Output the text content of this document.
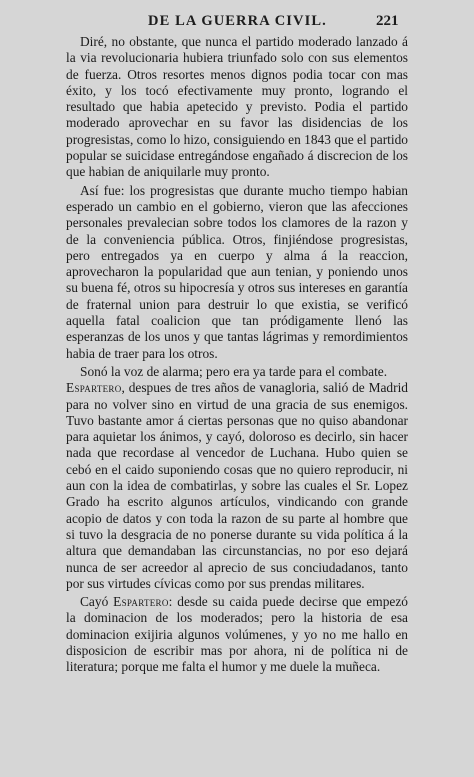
DE LA GUERRA CIVIL.	221

Diré, no obstante, que nunca el partido moderado lanzado á la via revolucionaria hubiera triunfado solo con sus elementos de fuerza. Otros resortes menos dignos podia tocar con mas éxito, y los tocó efectivamente muy pronto, logrando el resultado que habia apetecido y previsto. Podia el partido moderado aprovechar en su favor las disidencias de los progresistas, como lo hizo, consiguiendo en 1843 que el partido popular se suicidase entregándose engañado á discrecion de los que habian de aniquilarle muy pronto.

Así fue: los progresistas que durante mucho tiempo habian esperado un cambio en el gobierno, vieron que las afecciones personales prevalecian sobre todos los clamores de la razon y de la conveniencia pública. Otros, finjiéndose progresistas, pero entregados ya en cuerpo y alma á la reaccion, aprovecharon la popularidad que aun tenian, y poniendo unos su buena fé, otros su hipocresía y otros sus intereses en garantía de fraternal union para destruir lo que existia, se verificó aquella fatal coalicion que tan pródigamente llenó las esperanzas de los unos y que tantas lágrimas y remordimientos habia de traer para los otros.

Sonó la voz de alarma; pero era ya tarde para el combate.
Espartero, despues de tres años de vanagloria, salió de Madrid para no volver sino en virtud de una gracia de sus enemigos. Tuvo bastante amor á ciertas personas que no quiso abandonar para aquietar los ánimos, y cayó, doloroso es decirlo, sin hacer nada que recordase al vencedor de Luchana. Hubo quien se cebó en el caido suponiendo cosas que no quiero reproducir, ni aun con la idea de combatirlas, y sobre las cuales el Sr. Lopez Grado ha escrito algunos artículos, vindicando con grande acopio de datos y con toda la razon de su parte al hombre que si tuvo la desgracia de no ponerse durante su vida política á la altura que demandaban las circunstancias, no por eso dejará nunca de ser acreedor al aprecio de sus conciudadanos, tanto por sus virtudes cívicas como por sus prendas militares.

Cayó Espartero: desde su caida puede decirse que empezó la dominacion de los moderados; pero la historia de esa dominacion exijiria algunos volúmenes, y yo no me hallo en disposicion de escribir mas por ahora, ni de política ni de literatura; porque me falta el humor y me duele la muñeca.
